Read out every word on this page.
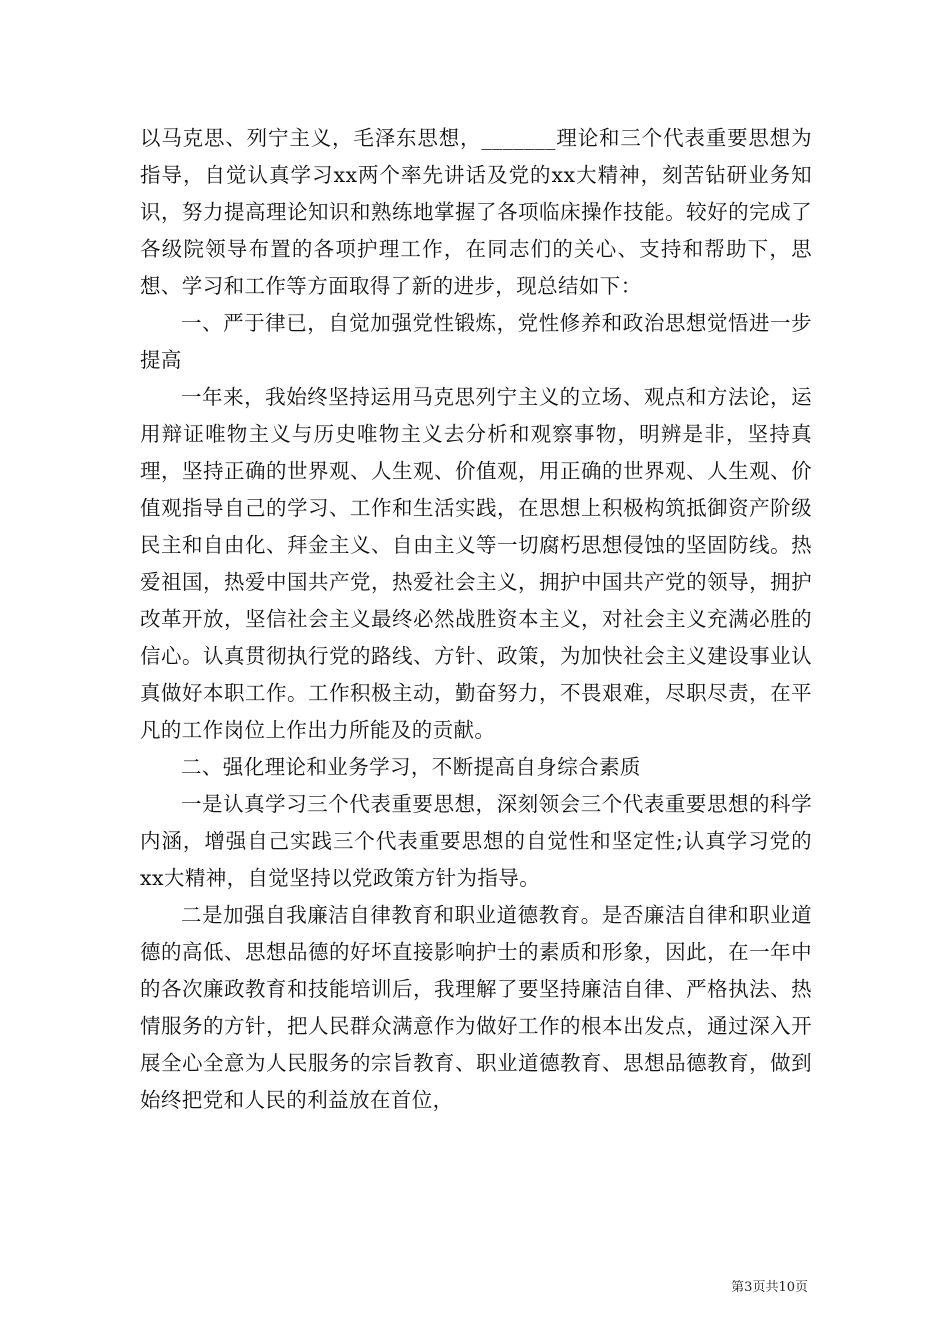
以马克思、列宁主义，毛泽东思想，_______理论和三个代表重要思想为指导，自觉认真学习xx两个率先讲话及党的xx大精神，刻苦钻研业务知识，努力提高理论知识和熟练地掌握了各项临床操作技能。较好的完成了各级院领导布置的各项护理工作，在同志们的关心、支持和帮助下，思想、学习和工作等方面取得了新的进步，现总结如下：

一、严于律已，自觉加强党性锻炼，党性修养和政治思想觉悟进一步提高

一年来，我始终坚持运用马克思列宁主义的立场、观点和方法论，运用辩证唯物主义与历史唯物主义去分析和观察事物，明辨是非，坚持真理，坚持正确的世界观、人生观、价值观，用正确的世界观、人生观、价值观指导自己的学习、工作和生活实践，在思想上积极构筑抵御资产阶级民主和自由化、拜金主义、自由主义等一切腐朽思想侵蚀的坚固防线。热爱祖国，热爱中国共产党，热爱社会主义，拥护中国共产党的领导，拥护改革开放，坚信社会主义最终必然战胜资本主义，对社会主义充满必胜的信心。认真贯彻执行党的路线、方针、政策，为加快社会主义建设事业认真做好本职工作。工作积极主动，勤奋努力，不畏艰难，尽职尽责，在平凡的工作岗位上作出力所能及的贡献。

二、强化理论和业务学习，不断提高自身综合素质

一是认真学习三个代表重要思想，深刻领会三个代表重要思想的科学内涵，增强自己实践三个代表重要思想的自觉性和坚定性;认真学习党的xx大精神，自觉坚持以党政策方针为指导。

二是加强自我廉洁自律教育和职业道德教育。是否廉洁自律和职业道德的高低、思想品德的好坏直接影响护士的素质和形象，因此，在一年中的各次廉政教育和技能培训后，我理解了要坚持廉洁自律、严格执法、热情服务的方针，把人民群众满意作为做好工作的根本出发点，通过深入开展全心全意为人民服务的宗旨教育、职业道德教育、思想品德教育，做到始终把党和人民的利益放在首位，

第3页共10页
